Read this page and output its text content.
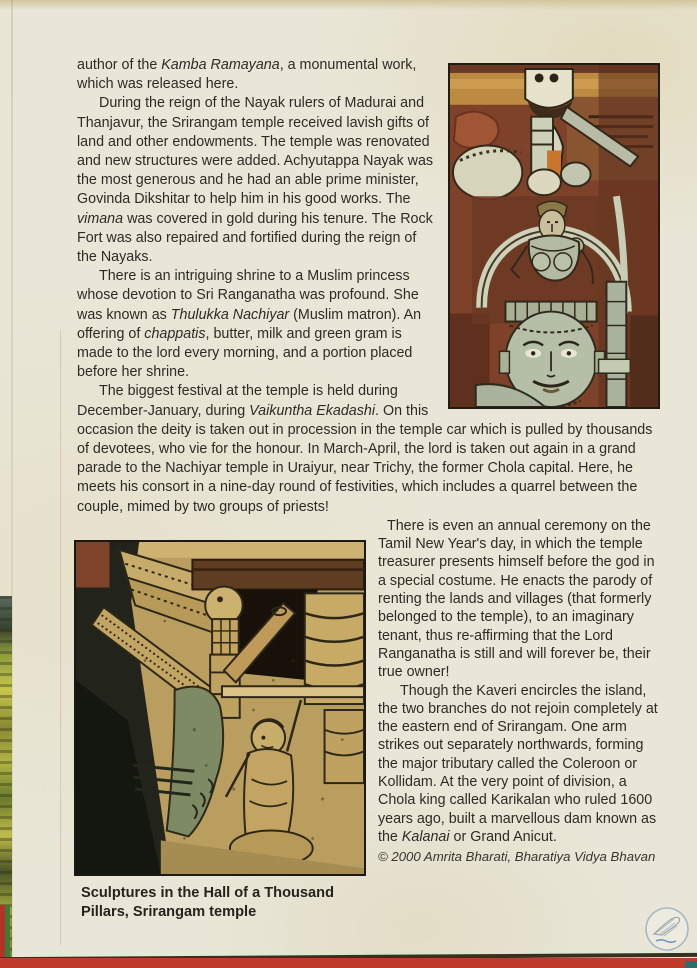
author of the Kamba Ramayana, a monumental work, which was released here.

During the reign of the Nayak rulers of Madurai and Thanjavur, the Srirangam temple received lavish gifts of land and other endowments. The temple was renovated and new structures were added. Achyutappa Nayak was the most generous and he had an able prime minister, Govinda Dikshitar to help him in his good works. The vimana was covered in gold during his tenure. The Rock Fort was also repaired and fortified during the reign of the Nayaks.

There is an intriguing shrine to a Muslim princess whose devotion to Sri Ranganatha was profound. She was known as Thulukka Nachiyar (Muslim matron). An offering of chappatis, butter, milk and green gram is made to the lord every morning, and a portion placed before her shrine.

The biggest festival at the temple is held during December-January, during Vaikuntha Ekadashi. On this occasion the deity is taken out in procession in the temple car which is pulled by thousands of devotees, who vie for the honour. In March-April, the lord is taken out again in a grand parade to the Nachiyar temple in Uraiyur, near Trichy, the former Chola capital. Here, he meets his consort in a nine-day round of festivities, which includes a quarrel between the couple, mimed by two groups of priests!

Sculptures in the Hall of a Thousand Pillars, Srirangam temple

There is even an annual ceremony on the Tamil New Year's day, in which the temple treasurer presents himself before the god in a special costume. He enacts the parody of renting the lands and villages (that formerly belonged to the temple), to an imaginary tenant, thus re-affirming that the Lord Ranganatha is still and will forever be, their true owner!

Though the Kaveri encircles the island, the two branches do not rejoin completely at the eastern end of Srirangam. One arm strikes out separately northwards, forming the major tributary called the Coleroon or Kollidam. At the very point of division, a Chola king called Karikalan who ruled 1600 years ago, built a marvellous dam known as the Kalanai or Grand Anicut.

© 2000 Amrita Bharati, Bharatiya Vidya Bhavan
